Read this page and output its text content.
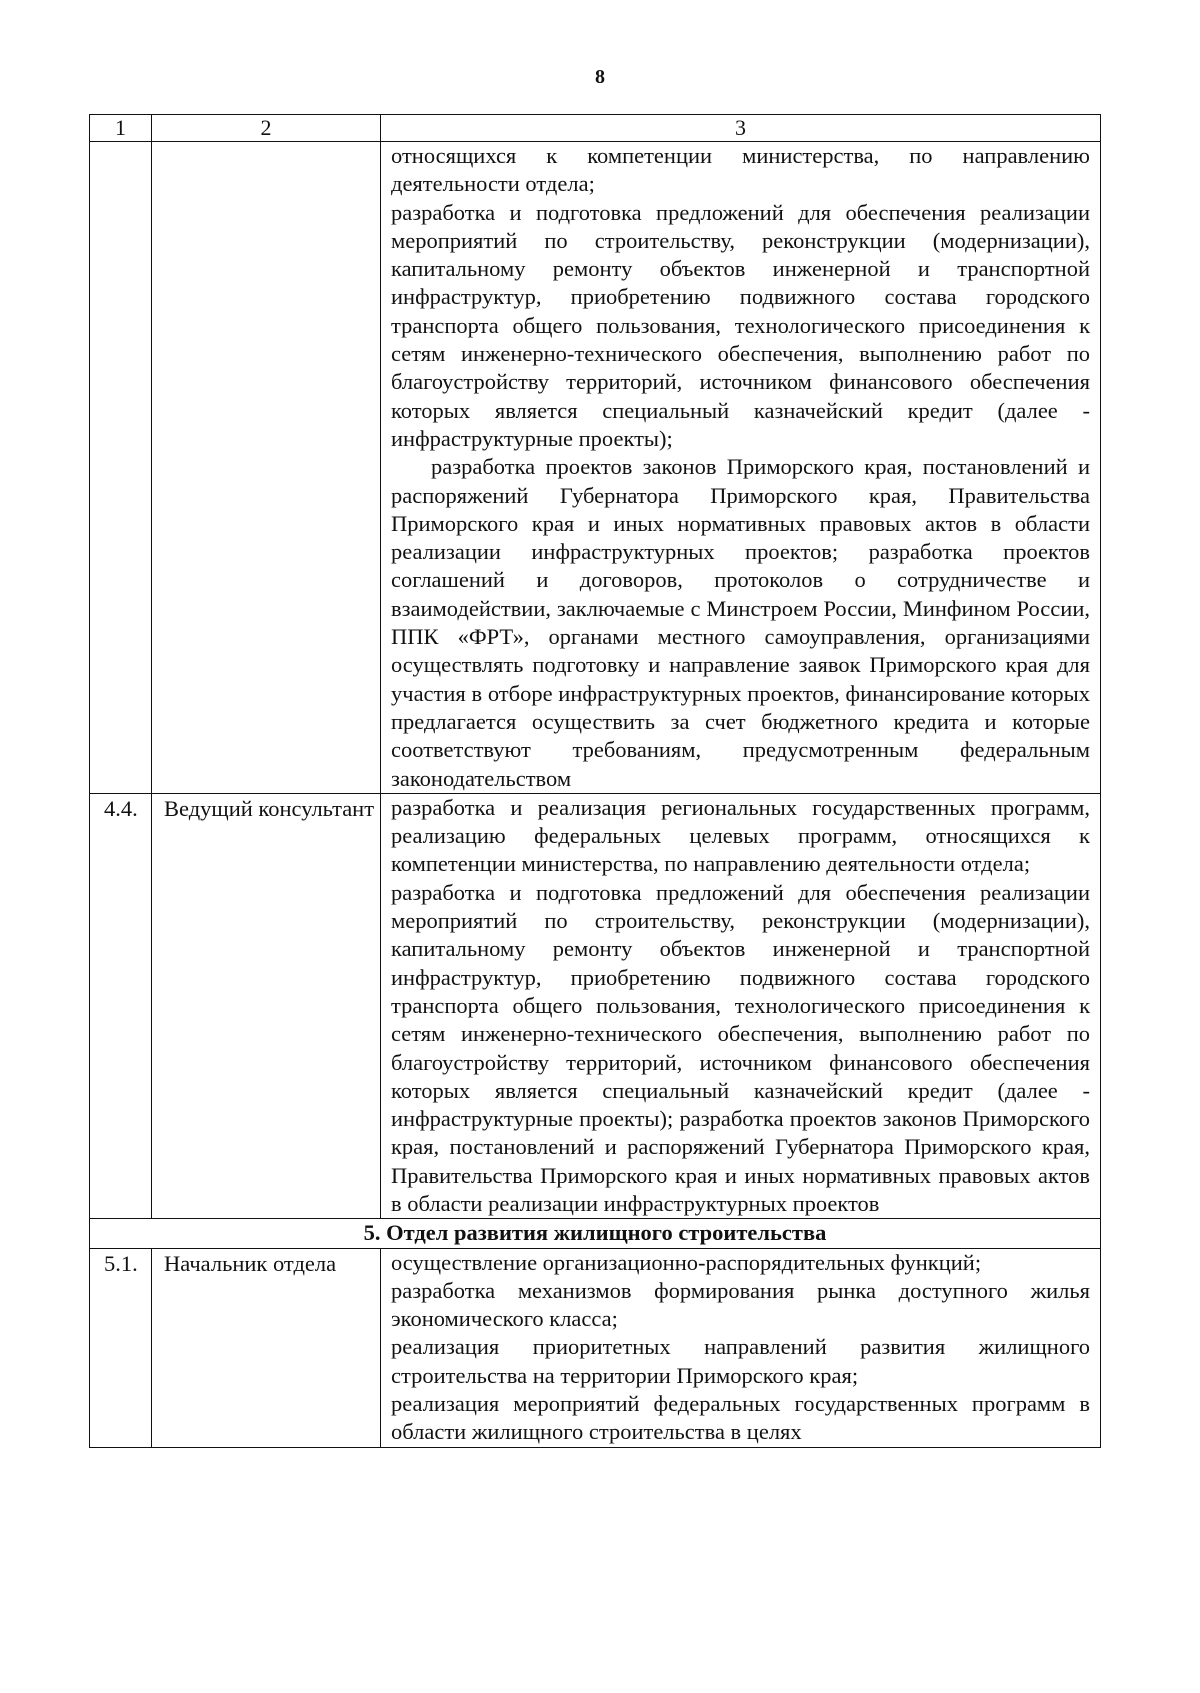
8
1	2	3

		относящихся к компетенции министерства, по направлению деятельности отдела;
разработка и подготовка предложений для обеспечения реализации мероприятий по строительству, реконструкции (модернизации), капитальному ремонту объектов инженерной и транспортной инфраструктур, приобретению подвижного состава городского транспорта общего пользования, технологического присоединения к сетям инженерно-технического обеспечения, выполнению работ по благоустройству территорий, источником финансового обеспечения которых является специальный казначейский кредит (далее - инфраструктурные проекты);
разработка проектов законов Приморского края, постановлений и распоряжений Губернатора Приморского края, Правительства Приморского края и иных нормативных правовых актов в области реализации инфраструктурных проектов; разработка проектов соглашений и договоров, протоколов о сотрудничестве и взаимодействии, заключаемые с Минстроем России, Минфином России, ППК «ФРТ», органами местного самоуправления, организациями осуществлять подготовку и направление заявок Приморского края для участия в отборе инфраструктурных проектов, финансирование которых предлагается осуществить за счет бюджетного кредита и которые соответствуют требованиям, предусмотренным федеральным законодательством

4.4.	Ведущий консультант	разработка и реализация региональных государственных программ, реализацию федеральных целевых программ, относящихся к компетенции министерства, по направлению деятельности отдела;
разработка и подготовка предложений для обеспечения реализации мероприятий по строительству, реконструкции (модернизации), капитальному ремонту объектов инженерной и транспортной инфраструктур, приобретению подвижного состава городского транспорта общего пользования, технологического присоединения к сетям инженерно-технического обеспечения, выполнению работ по благоустройству территорий, источником финансового обеспечения которых является специальный казначейский кредит (далее - инфраструктурные проекты); разработка проектов законов Приморского края, постановлений и распоряжений Губернатора Приморского края, Правительства Приморского края и иных нормативных правовых актов в области реализации инфраструктурных проектов

5. Отдел развития жилищного строительства		
5.1.	Начальник отдела	осуществление организационно-распорядительных функций;
разработка механизмов формирования рынка доступного жилья экономического класса;
реализация приоритетных направлений развития жилищного строительства на территории Приморского края;
реализация мероприятий федеральных государственных программ в области жилищного строительства в целях
